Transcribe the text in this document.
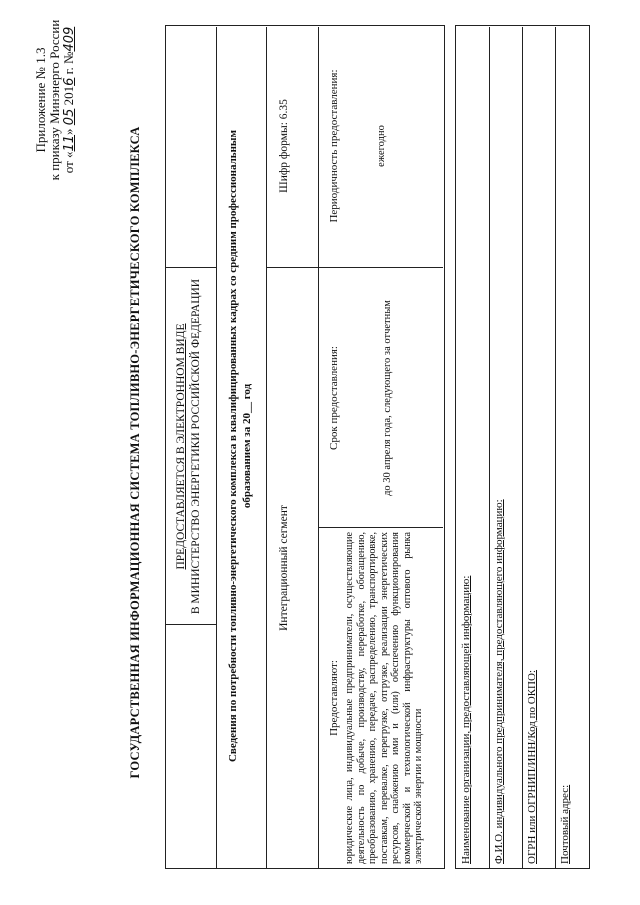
Приложение № 1.3 к приказу Минэнерго России от «11» 05 2016 г. №409
ГОСУДАРСТВЕННАЯ ИНФОРМАЦИОННАЯ СИСТЕМА ТОПЛИВНО-ЭНЕРГЕТИЧЕСКОГО КОМПЛЕКСА	ПРЕДОСТАВЛЯЕТСЯ В ЭЛЕКТРОННОМ ВИДЕ В МИНИСТЕРСТВО ЭНЕРГЕТИКИ РОССИЙСКОЙ ФЕДЕРАЦИИ Сведения по потребности топливно-энергетического комплекса в квалифицированных кадрах со средним профессиональным образованием за 20__ год
Интеграционный сегмент
Шифр формы: 6.35
Предоставляют:
Срок предоставления:
Периодичность предоставления:
юридические лица, индивидуальные предприниматели, осуществляющие деятельность по добыче, производству, переработке, обогащению, преобразованию, хранению, передаче, распределению, транспортировке, поставкам, перевалке, перегрузке, отгрузке, реализации энергетических ресурсов, снабжению ими и (или) обеспечению функционирования коммерческой и технологической инфраструктуры оптового рынка электрической энергии и мощности
до 30 апреля года, следующего за отчетным
ежегодно
Наименование организации, предоставляющей информацию: Ф.И.О. индивидуального предпринимателя, предоставляющего информацию: ОГРН или ОГРНИП/ИНН/Код по ОКПО: Почтовый адрес:
